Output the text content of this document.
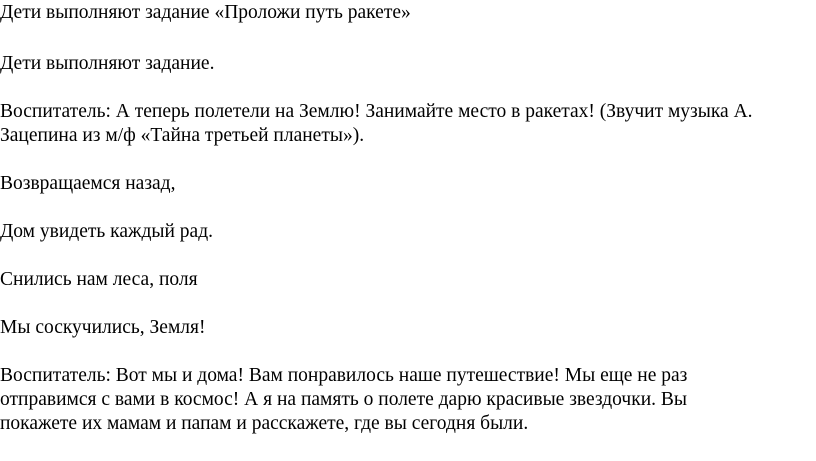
Дети выполняют задание «Проложи путь ракете»

Дети выполняют задание.

Воспитатель: А теперь полетели на Землю! Занимайте место в ракетах! (Звучит музыка А.

Зацепина из м/ф «Тайна третьей планеты»).

Возвращаемся назад,

Дом увидеть каждый рад.

Снились нам леса, поля

Мы соскучились, Земля!

Воспитатель: Вот мы и дома! Вам понравилось наше путешествие! Мы еще не раз

отправимся с вами в космос! А я на память о полете дарю красивые звездочки. Вы

покажете их мамам и папам и расскажете, где вы сегодня были.
